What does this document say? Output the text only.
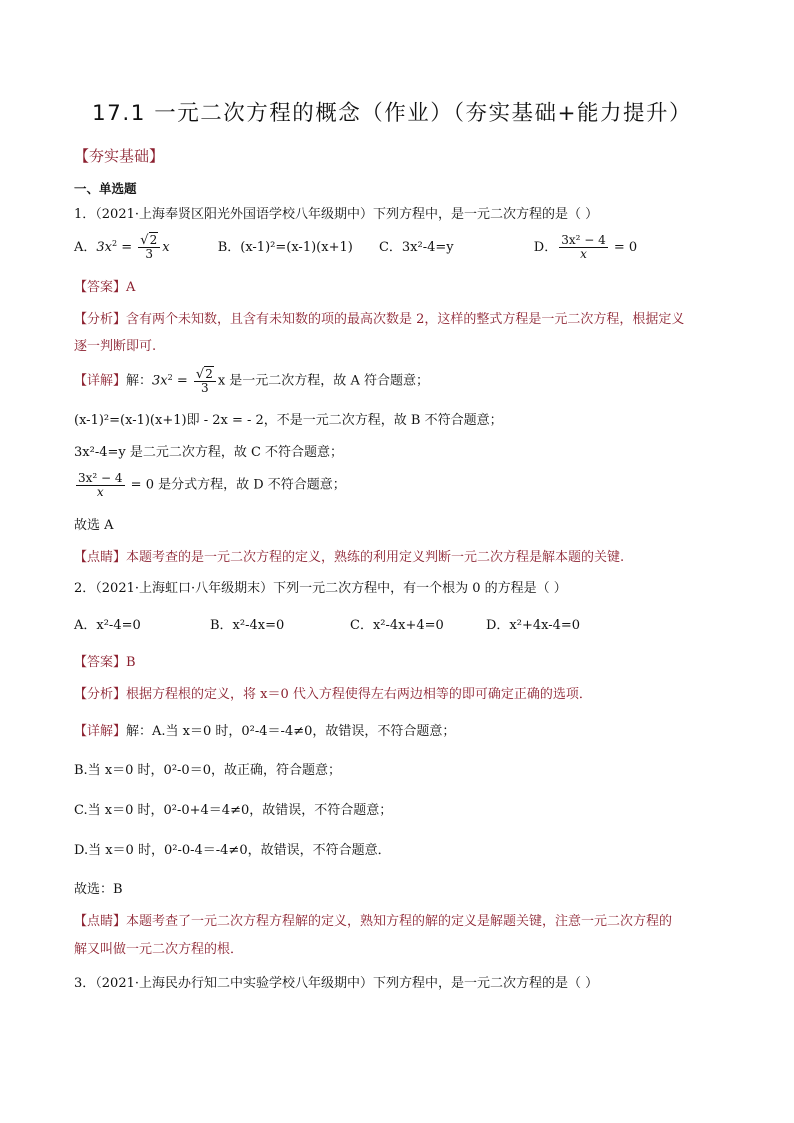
17.1 一元二次方程的概念（作业）（夯实基础+能力提升）
【夯实基础】
一、单选题
1．（2021·上海奉贤区阳光外国语学校八年级期中）下列方程中，是一元二次方程的是（ ）
A．$3x^2 = \frac{√2}{3}$ x	B．(x-1)²=(x-1)(x+1) C．3x²-4=y	D． $\frac{\text{3x² − 4}}{x} = 0$
【答案】A
【分析】含有两个未知数，且含有未知数的项的最高次数是 2，这样的整式方程是一元二次方程，根据定义
逐一判断即可.
【详解】解：$3x^2 = \frac{√2}{3}$ x 是一元二次方程，故 A 符合题意；
(x-1)²=(x-1)(x+1)即 - 2x = - 2，不是一元二次方程，故 B 不符合题意；
3x²-4=y 是二元二次方程，故 C 不符合题意；
$\frac{\text{3x² − 4}}{x} = 0$ 是分式方程，故 D 不符合题意；
故选 A
【点睛】本题考查的是一元二次方程的定义，熟练的利用定义判断一元二次方程是解本题的关键.
2．（2021·上海虹口·八年级期末）下列一元二次方程中，有一个根为 0 的方程是（ ）
A．x²-4=0	B．x²-4x=0	C．x²-4x+4=0	D．x²+4x-4=0
【答案】B
【分析】根据方程根的定义，将 x＝0 代入方程使得左右两边相等的即可确定正确的选项．
【详解】解：A.当 x＝0 时，0²-4＝-4≠0，故错误，不符合题意；
B.当 x＝0 时，0²-0＝0，故正确，符合题意；
C.当 x＝0 时，0²-0+4＝4≠0，故错误，不符合题意；
D.当 x＝0 时，0²-0-4＝-4≠0，故错误，不符合题意．
故选：B
【点睛】本题考查了一元二次方程方程解的定义，熟知方程的解的定义是解题关键，注意一元二次方程的
解又叫做一元二次方程的根．
3．（2021·上海民办行知二中实验学校八年级期中）下列方程中，是一元二次方程的是（ ）
